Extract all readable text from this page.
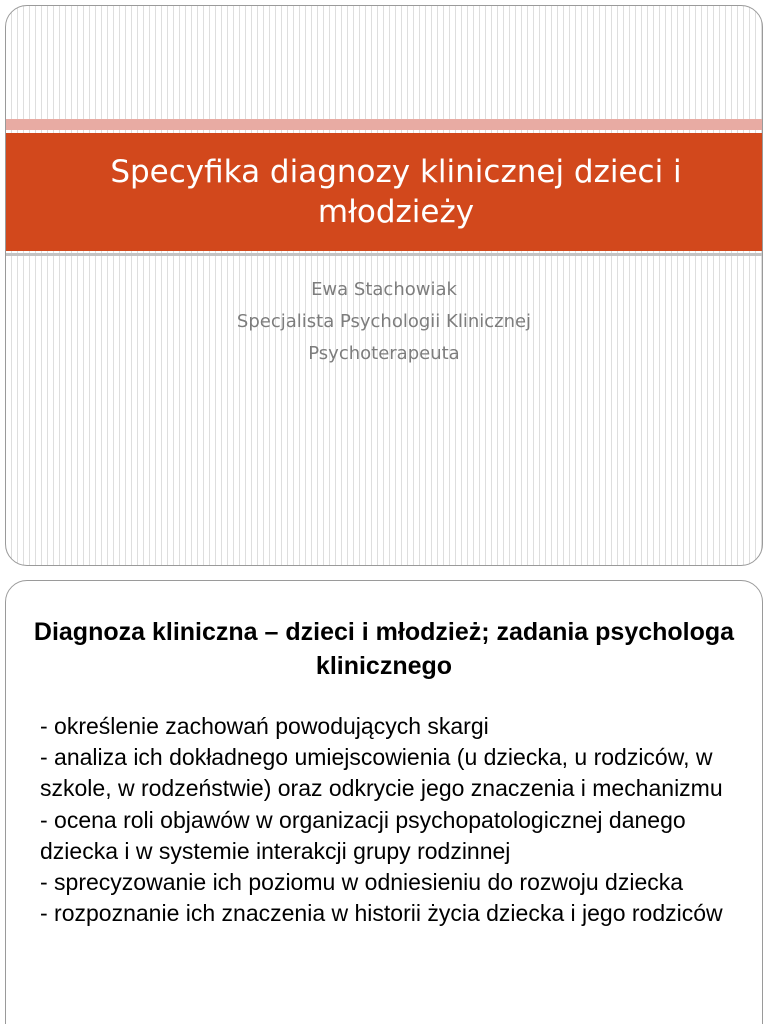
Specyfika diagnozy klinicznej dzieci i młodzieży
Ewa Stachowiak
Specjalista Psychologii Klinicznej
Psychoterapeuta
Diagnoza kliniczna – dzieci i młodzież; zadania psychologa klinicznego

- określenie zachowań powodujących skargi

- analiza ich dokładnego umiejscowienia (u dziecka, u rodziców, w szkole, w rodzeństwie) oraz odkrycie jego znaczenia i mechanizmu

- ocena roli objawów w organizacji psychopatologicznej danego dziecka i w systemie interakcji grupy rodzinnej

- sprecyzowanie ich poziomu w odniesieniu do rozwoju dziecka

- rozpoznanie ich znaczenia w historii życia dziecka i jego rodziców
